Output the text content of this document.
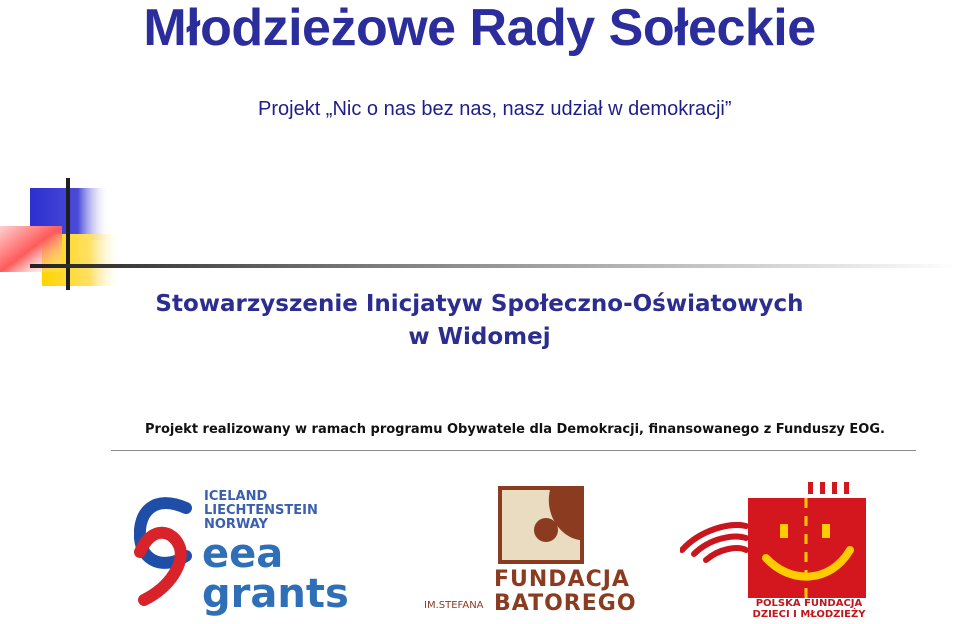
Młodzieżowe Rady Sołeckie
Projekt „Nic o nas bez nas, nasz udział w demokracji”
Stowarzyszenie Inicjatyw Społeczno-Oświatowych
w Widomej
Projekt realizowany w ramach programu Obywatele dla Demokracji, finansowanego z Funduszy EOG.
ICELAND
LIECHTENSTEIN
NORWAY
eea
grants	FUNDACJA
BATOREGO
IM.STEFANA	POLSKA FUNDACJA
DZIECI I MŁODZIEŻY
